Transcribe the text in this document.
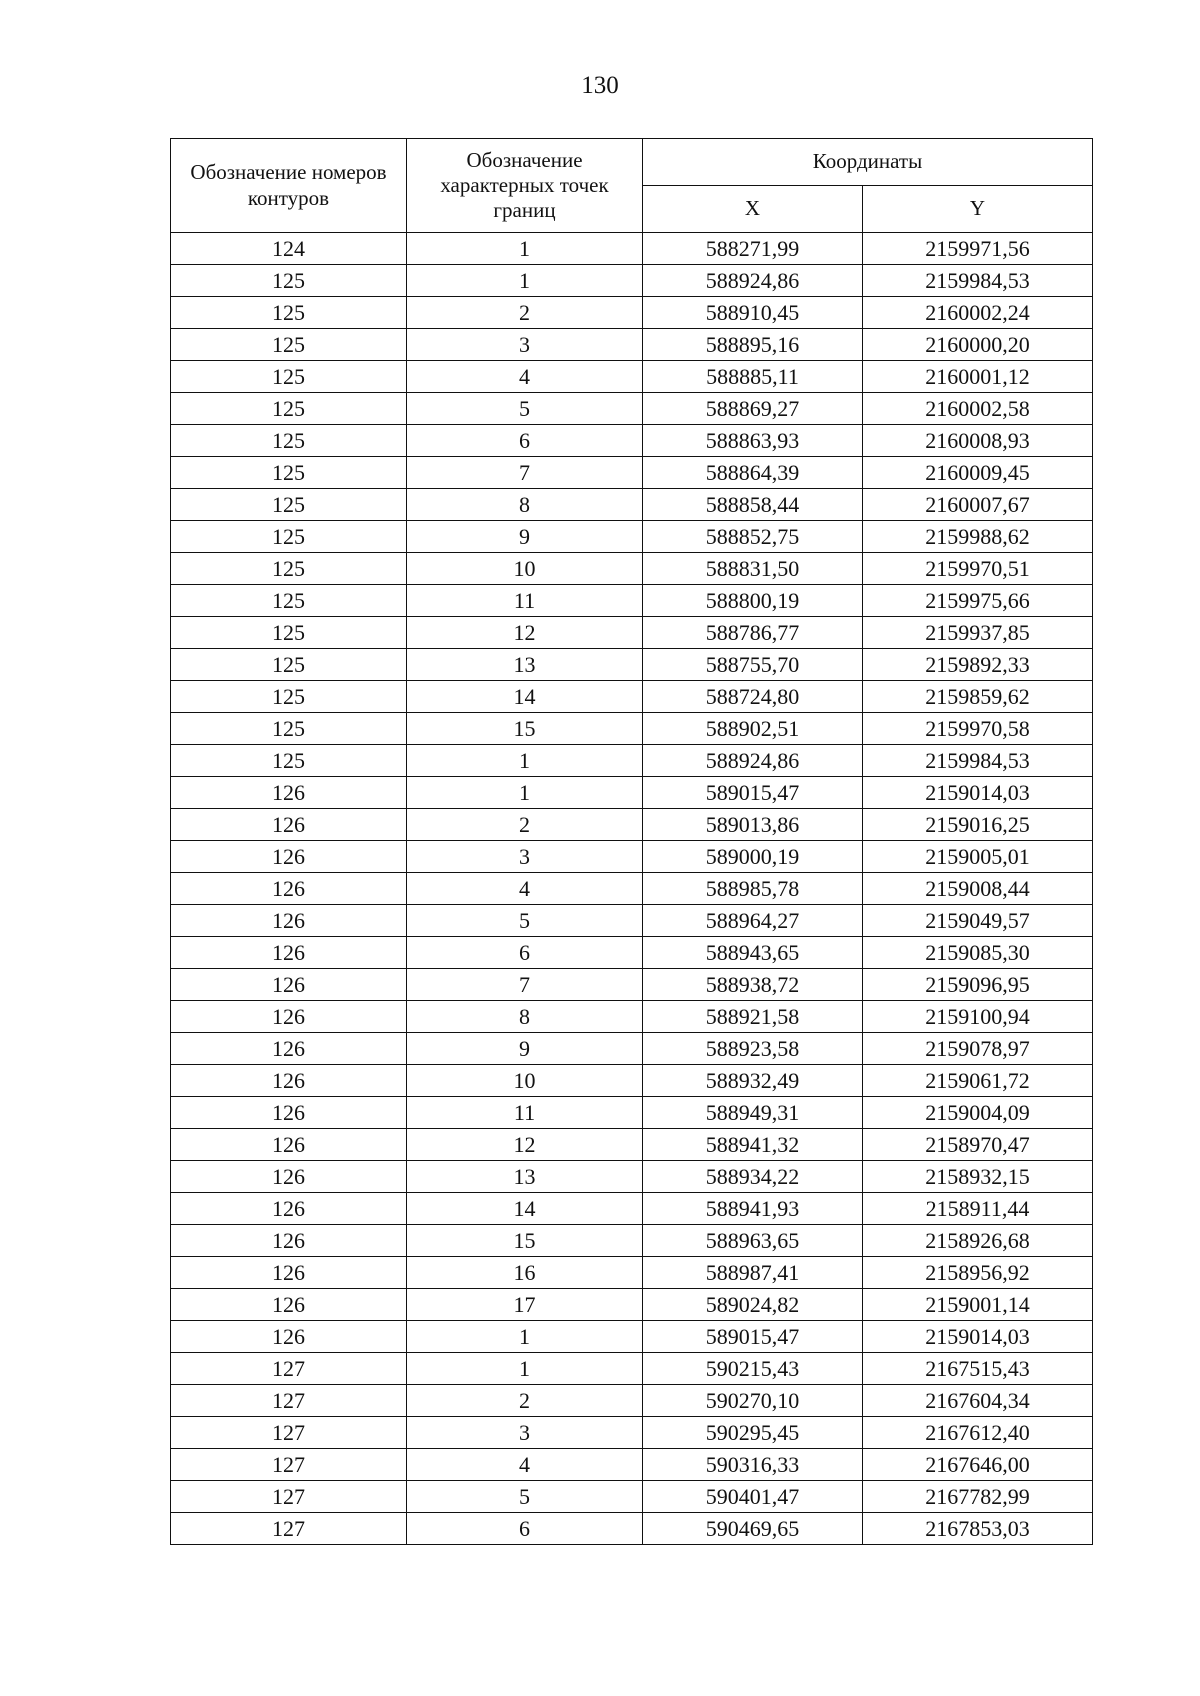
130
Обозначение номеров контуров	Обозначение характерных точек границ	Координаты	
		X	Y
124	1	588271,99	2159971,56
125	1	588924,86	2159984,53
125	2	588910,45	2160002,24
125	3	588895,16	2160000,20
125	4	588885,11	2160001,12
125	5	588869,27	2160002,58
125	6	588863,93	2160008,93
125	7	588864,39	2160009,45
125	8	588858,44	2160007,67
125	9	588852,75	2159988,62
125	10	588831,50	2159970,51
125	11	588800,19	2159975,66
125	12	588786,77	2159937,85
125	13	588755,70	2159892,33
125	14	588724,80	2159859,62
125	15	588902,51	2159970,58
125	1	588924,86	2159984,53
126	1	589015,47	2159014,03
126	2	589013,86	2159016,25
126	3	589000,19	2159005,01
126	4	588985,78	2159008,44
126	5	588964,27	2159049,57
126	6	588943,65	2159085,30
126	7	588938,72	2159096,95
126	8	588921,58	2159100,94
126	9	588923,58	2159078,97
126	10	588932,49	2159061,72
126	11	588949,31	2159004,09
126	12	588941,32	2158970,47
126	13	588934,22	2158932,15
126	14	588941,93	2158911,44
126	15	588963,65	2158926,68
126	16	588987,41	2158956,92
126	17	589024,82	2159001,14
126	1	589015,47	2159014,03
127	1	590215,43	2167515,43
127	2	590270,10	2167604,34
127	3	590295,45	2167612,40
127	4	590316,33	2167646,00
127	5	590401,47	2167782,99
127	6	590469,65	2167853,03
